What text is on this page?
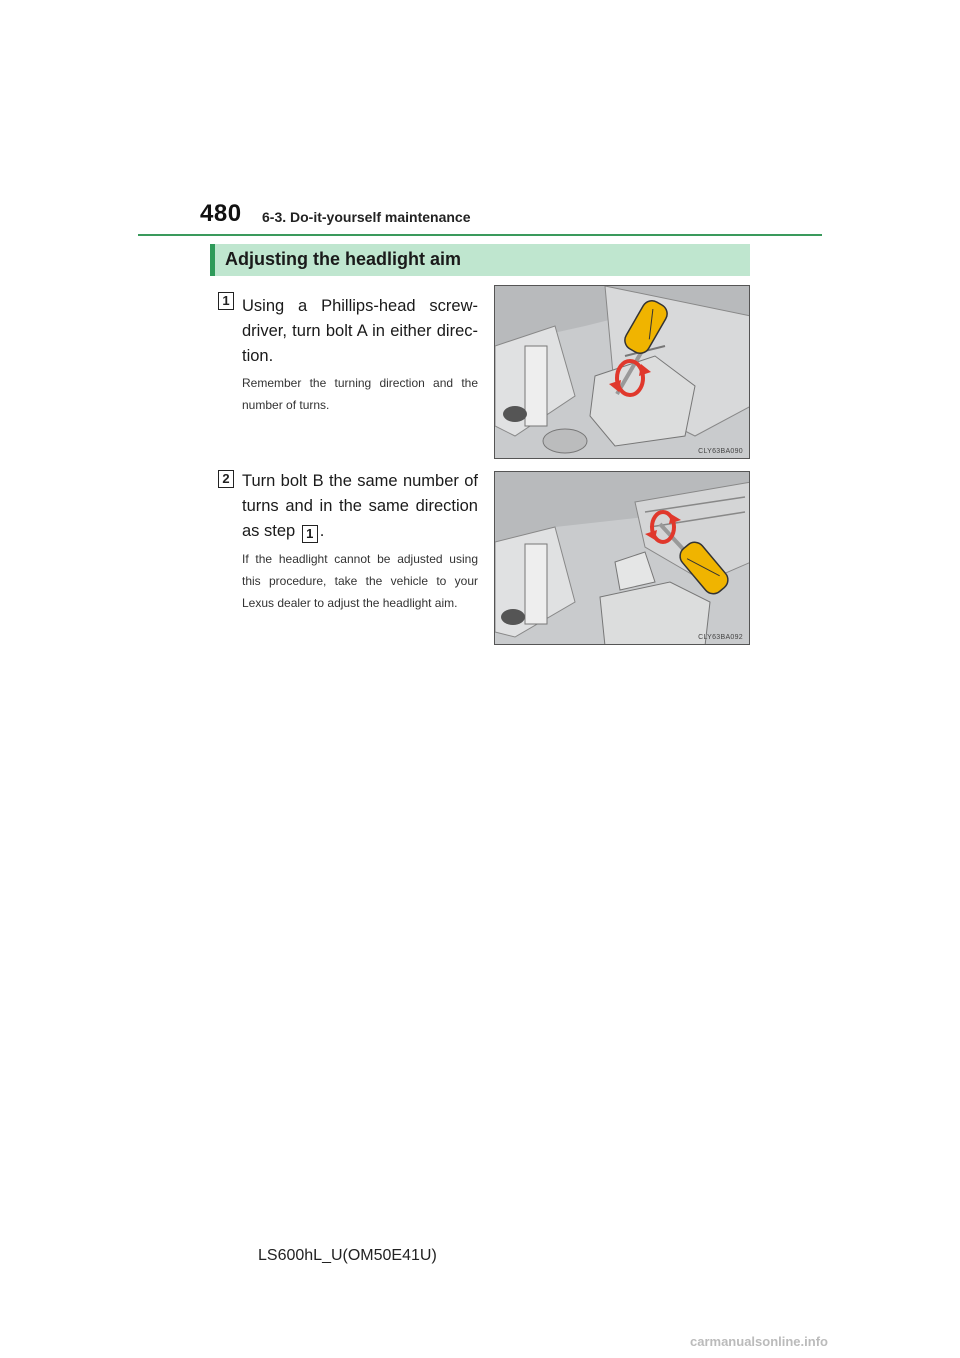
480 6-3. Do-it-yourself maintenance
Adjusting the headlight aim
1 Using a Phillips-head screw-driver, turn bolt A in either direc-tion.
Remember the turning direction and the number of turns.
CLY63BA090
2 Turn bolt B the same number of turns and in the same direction as step 1 .
If the headlight cannot be adjusted using this procedure, take the vehicle to your Lexus dealer to adjust the headlight aim.
CLY63BA092
LS600hL_U(OM50E41U)
carmanualsonline.info
